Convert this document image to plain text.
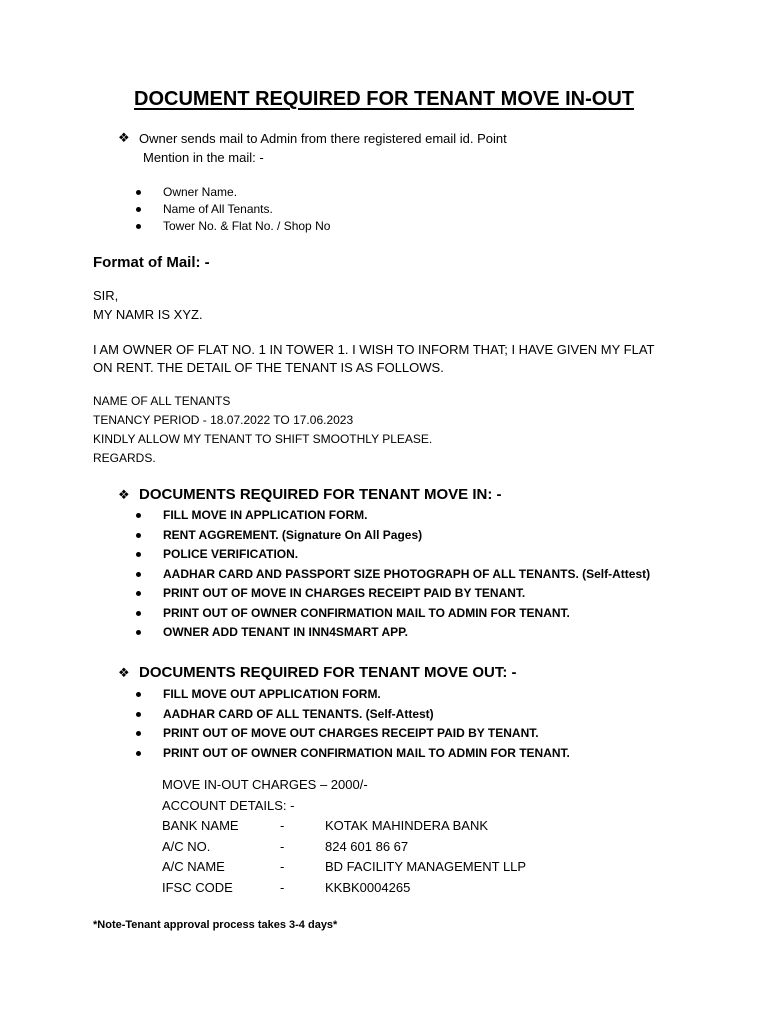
DOCUMENT REQUIRED FOR TENANT MOVE IN-OUT
❖ Owner sends mail to Admin from there registered email id. Point
Mention in the mail: -
Owner Name.
Name of All Tenants.
Tower No. & Flat No. / Shop No
Format of Mail: -
SIR,
MY NAMR IS XYZ.
I AM OWNER OF FLAT NO. 1 IN TOWER 1. I WISH TO INFORM THAT; I HAVE GIVEN MY FLAT
ON RENT. THE DETAIL OF THE TENANT IS AS FOLLOWS.
NAME OF ALL TENANTS
TENANCY PERIOD - 18.07.2022 TO 17.06.2023
KINDLY ALLOW MY TENANT TO SHIFT SMOOTHLY PLEASE.
REGARDS.
❖ DOCUMENTS REQUIRED FOR TENANT MOVE IN: -
FILL MOVE IN APPLICATION FORM.
RENT AGGREMENT. (Signature On All Pages)
POLICE VERIFICATION.
AADHAR CARD AND PASSPORT SIZE PHOTOGRAPH OF ALL TENANTS. (Self-Attest)
PRINT OUT OF MOVE IN CHARGES RECEIPT PAID BY TENANT.
PRINT OUT OF OWNER CONFIRMATION MAIL TO ADMIN FOR TENANT.
OWNER ADD TENANT IN INN4SMART APP.
❖ DOCUMENTS REQUIRED FOR TENANT MOVE OUT: -
FILL MOVE OUT APPLICATION FORM.
AADHAR CARD OF ALL TENANTS. (Self-Attest)
PRINT OUT OF MOVE OUT CHARGES RECEIPT PAID BY TENANT.
PRINT OUT OF OWNER CONFIRMATION MAIL TO ADMIN FOR TENANT.
MOVE IN-OUT CHARGES – 2000/-
ACCOUNT DETAILS: -
BANK NAME	-	KOTAK MAHINDERA BANK
A/C NO.	-	824 601 86 67
A/C NAME	-	BD FACILITY MANAGEMENT LLP
IFSC CODE	-	KKBK0004265
*Note-Tenant approval process takes 3-4 days*
